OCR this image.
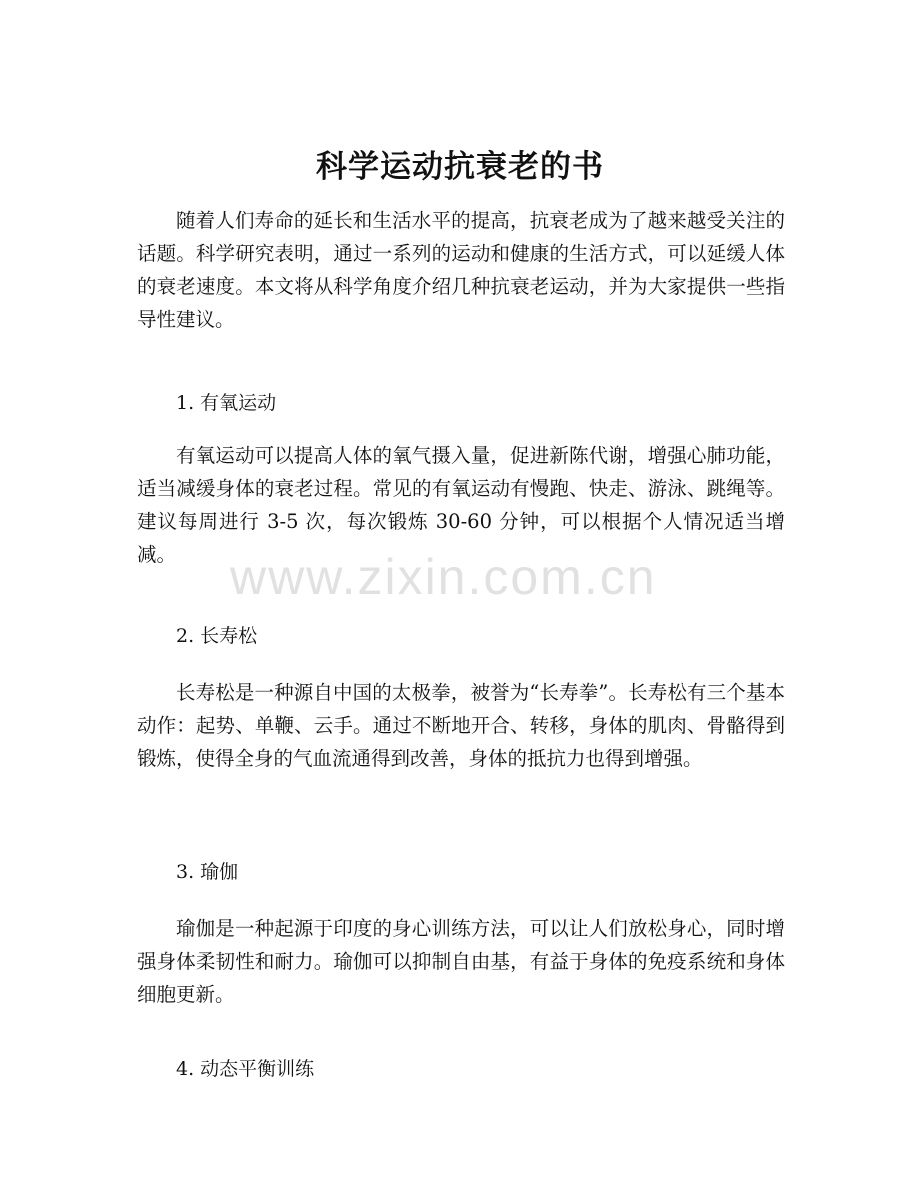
科学运动抗衰老的书

随着人们寿命的延长和生活水平的提高，抗衰老成为了越来越受关注的话题。科学研究表明，通过一系列的运动和健康的生活方式，可以延缓人体的衰老速度。本文将从科学角度介绍几种抗衰老运动，并为大家提供一些指导性建议。

1. 有氧运动

有氧运动可以提高人体的氧气摄入量，促进新陈代谢，增强心肺功能，适当减缓身体的衰老过程。常见的有氧运动有慢跑、快走、游泳、跳绳等。建议每周进行 3-5 次，每次锻炼 30-60 分钟，可以根据个人情况适当增减。

2. 长寿松

长寿松是一种源自中国的太极拳，被誉为“长寿拳”。长寿松有三个基本动作：起势、单鞭、云手。通过不断地开合、转移，身体的肌肉、骨骼得到锻炼，使得全身的气血流通得到改善，身体的抵抗力也得到增强。

3. 瑜伽

瑜伽是一种起源于印度的身心训练方法，可以让人们放松身心，同时增强身体柔韧性和耐力。瑜伽可以抑制自由基，有益于身体的免疫系统和身体细胞更新。

4. 动态平衡训练

www.zixin.com.cn
